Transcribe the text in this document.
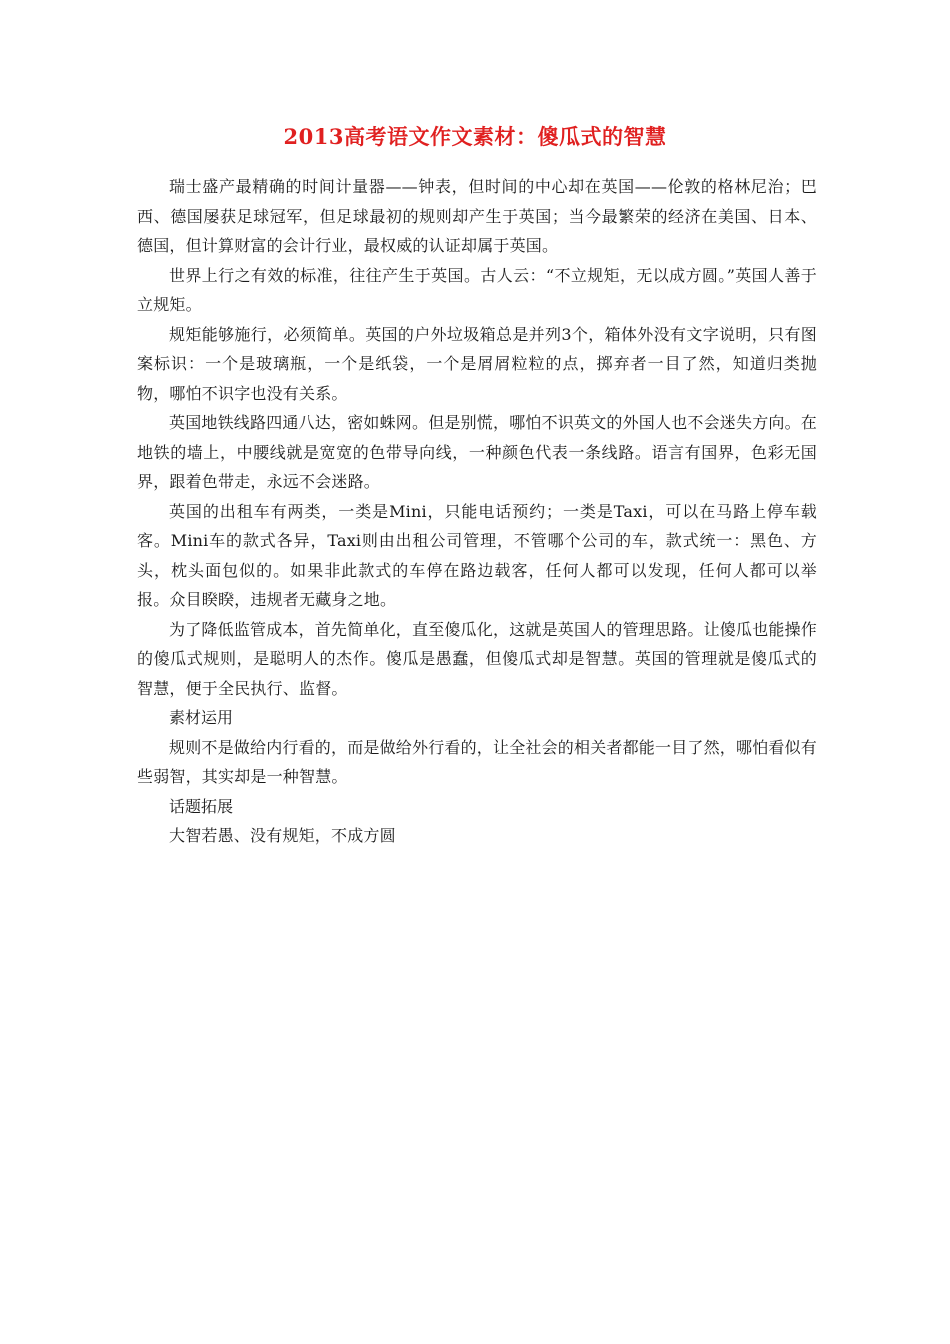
2013高考语文作文素材：傻瓜式的智慧

瑞士盛产最精确的时间计量器——钟表，但时间的中心却在英国——伦敦的格林尼治；巴西、德国屡获足球冠军，但足球最初的规则却产生于英国；当今最繁荣的经济在美国、日本、德国，但计算财富的会计行业，最权威的认证却属于英国。

世界上行之有效的标准，往往产生于英国。古人云：“不立规矩，无以成方圆。”英国人善于立规矩。

规矩能够施行，必须简单。英国的户外垃圾箱总是并列3个，箱体外没有文字说明，只有图案标识：一个是玻璃瓶，一个是纸袋，一个是屑屑粒粒的点，掷弃者一目了然，知道归类抛物，哪怕不识字也没有关系。

英国地铁线路四通八达，密如蛛网。但是别慌，哪怕不识英文的外国人也不会迷失方向。在地铁的墙上，中腰线就是宽宽的色带导向线，一种颜色代表一条线路。语言有国界，色彩无国界，跟着色带走，永远不会迷路。

英国的出租车有两类，一类是Mini，只能电话预约；一类是Taxi，可以在马路上停车载客。Mini车的款式各异，Taxi则由出租公司管理，不管哪个公司的车，款式统一：黑色、方头，枕头面包似的。如果非此款式的车停在路边载客，任何人都可以发现，任何人都可以举报。众目睽睽，违规者无藏身之地。

为了降低监管成本，首先简单化，直至傻瓜化，这就是英国人的管理思路。让傻瓜也能操作的傻瓜式规则，是聪明人的杰作。傻瓜是愚蠢，但傻瓜式却是智慧。英国的管理就是傻瓜式的智慧，便于全民执行、监督。

素材运用

规则不是做给内行看的，而是做给外行看的，让全社会的相关者都能一目了然，哪怕看似有些弱智，其实却是一种智慧。

话题拓展

大智若愚、没有规矩，不成方圆
